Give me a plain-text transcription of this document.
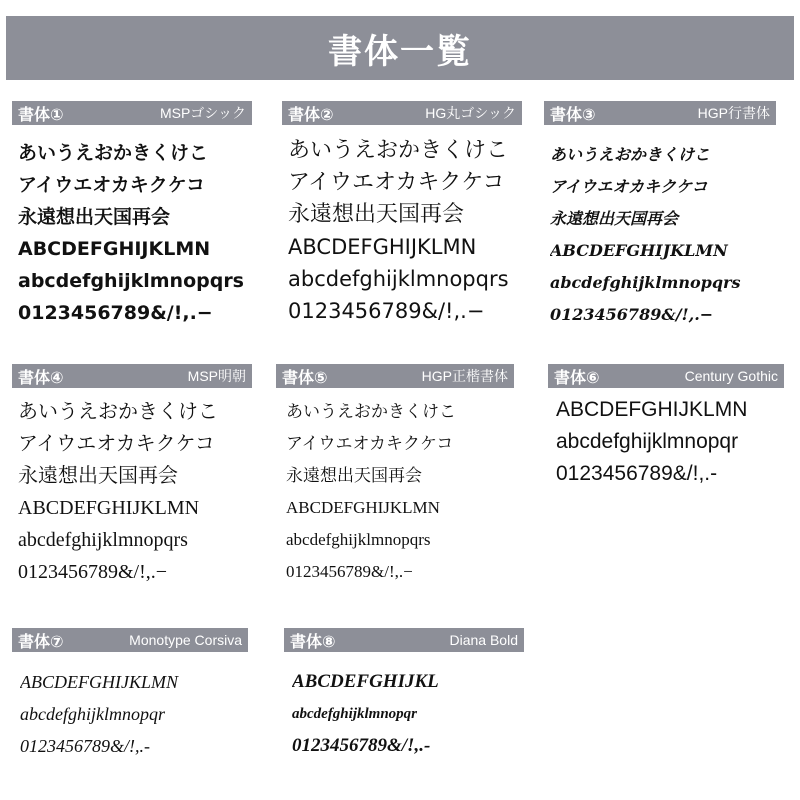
書体一覧
書体①	MSPゴシック
あいうえおかきくけこ
アイウエオカキクケコ
永遠想出天国再会
ABCDEFGHIJKLMN
abcdefghijklmnopqrs
0123456789&/!,.−
書体②	HG丸ゴシック
あいうえおかきくけこ
アイウエオカキクケコ
永遠想出天国再会
ABCDEFGHIJKLMN
abcdefghijklmnopqrs
0123456789&/!,.−
書体③	HGP行書体
あいうえおかきくけこ
アイウエオカキクケコ
永遠想出天国再会
ABCDEFGHIJKLMN
abcdefghijklmnopqrs
0123456789&/!,.−
書体④	MSP明朝
あいうえおかきくけこ
アイウエオカキクケコ
永遠想出天国再会
ABCDEFGHIJKLMN
abcdefghijklmnopqrs
0123456789&/!,.−
書体⑤	HGP正楷書体
あいうえおかきくけこ
アイウエオカキクケコ
永遠想出天国再会
ABCDEFGHIJKLMN
abcdefghijklmnopqrs
0123456789&/!,.−
書体⑥	Century Gothic
ABCDEFGHIJKLMN
abcdefghijklmnopqr
0123456789&/!,.-
書体⑦	Monotype Corsiva
ABCDEFGHIJKLMN
abcdefghijklmnopqr
0123456789&/!,.-
書体⑧	Diana Bold
ABCDEFGHIJKL
abcdefghijklmnopqr
0123456789&/!,.-
